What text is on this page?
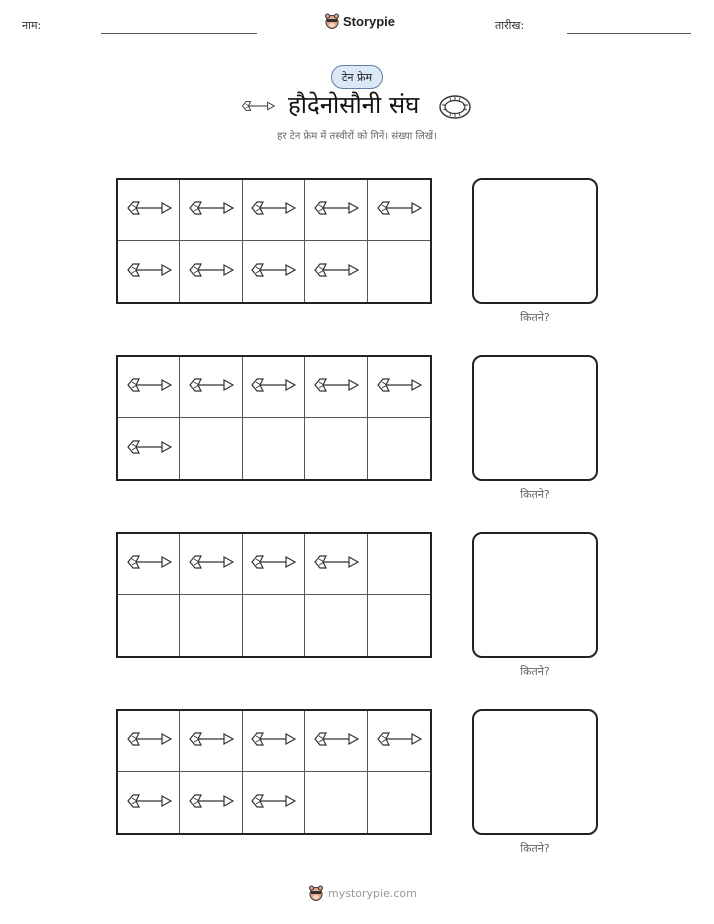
नाम:	Storypie	तारीख:
टेन फ्रेम
हौदेनोसौनी संघ
हर टेन फ्रेम में तस्वीरों को गिनें। संख्या लिखें।
कितने?
कितने?
कितने?
कितने?
mystorypie.com
